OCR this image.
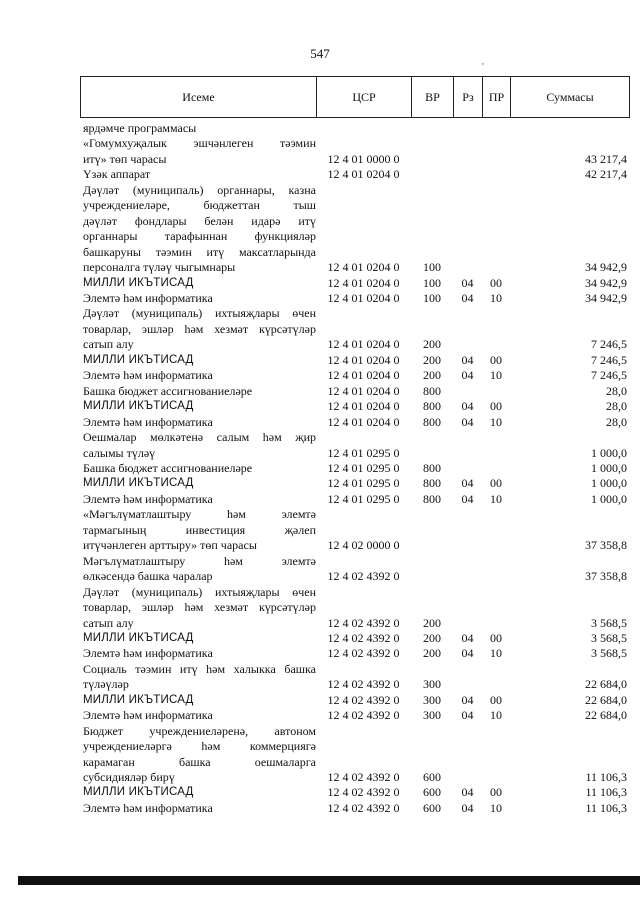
547
'
Исеме	ЦСР	ВР	Рз	ПР	Суммасы
ярдәмче программасы
«Гомумхуҗалык эшчәнлеген тәэмин
итү» төп чарасы	12 4 01 0000 0	43 217,4
Үзәк аппарат	12 4 01 0204 0	42 217,4
Дәүләт (муниципаль) органнары, казна
учреждениеләре, бюджеттан тыш
дәүләт фондлары белән идарә итү
органнары тарафыннан функцияләр
башкаруны тәэмин итү максатларында
персоналга түләү чыгымнары	12 4 01 0204 0	100	34 942,9
МИЛЛИ ИКЪТИСАД	12 4 01 0204 0	100	04	00	34 942,9
Элемтә һәм информатика	12 4 01 0204 0	100	04	10	34 942,9
Дәүләт (муниципаль) ихтыяҗлары өчен
товарлар, эшләр һәм хезмәт күрсәтүләр
сатып алу	12 4 01 0204 0	200	7 246,5
МИЛЛИ ИКЪТИСАД	12 4 01 0204 0	200	04	00	7 246,5
Элемтә һәм информатика	12 4 01 0204 0	200	04	10	7 246,5
Башка бюджет ассигнованиеләре	12 4 01 0204 0	800	28,0
МИЛЛИ ИКЪТИСАД	12 4 01 0204 0	800	04	00	28,0
Элемтә һәм информатика	12 4 01 0204 0	800	04	10	28,0
Оешмалар мөлкәтенә салым һәм җир
салымы түләү	12 4 01 0295 0	1 000,0
Башка бюджет ассигнованиеләре	12 4 01 0295 0	800	1 000,0
МИЛЛИ ИКЪТИСАД	12 4 01 0295 0	800	04	00	1 000,0
Элемтә һәм информатика	12 4 01 0295 0	800	04	10	1 000,0
«Мәгълүматлаштыру һәм элемтә
тармагының инвестиция җәлеп
итүчәнлеген арттыру» төп чарасы	12 4 02 0000 0	37 358,8
Мәгълүматлаштыру һәм элемтә
өлкәсендә башка чаралар	12 4 02 4392 0	37 358,8
Дәүләт (муниципаль) ихтыяҗлары өчен
товарлар, эшләр һәм хезмәт күрсәтүләр
сатып алу	12 4 02 4392 0	200	3 568,5
МИЛЛИ ИКЪТИСАД	12 4 02 4392 0	200	04	00	3 568,5
Элемтә һәм информатика	12 4 02 4392 0	200	04	10	3 568,5
Социаль тәэмин итү һәм халыкка башка
түләүләр	12 4 02 4392 0	300	22 684,0
МИЛЛИ ИКЪТИСАД	12 4 02 4392 0	300	04	00	22 684,0
Элемтә һәм информатика	12 4 02 4392 0	300	04	10	22 684,0
Бюджет учреждениеләренә, автоном
учреждениеләргә һәм коммерциягә
карамаган башка оешмаларга
субсидияләр бирү	12 4 02 4392 0	600	11 106,3
МИЛЛИ ИКЪТИСАД	12 4 02 4392 0	600	04	00	11 106,3
Элемтә һәм информатика	12 4 02 4392 0	600	04	10	11 106,3
